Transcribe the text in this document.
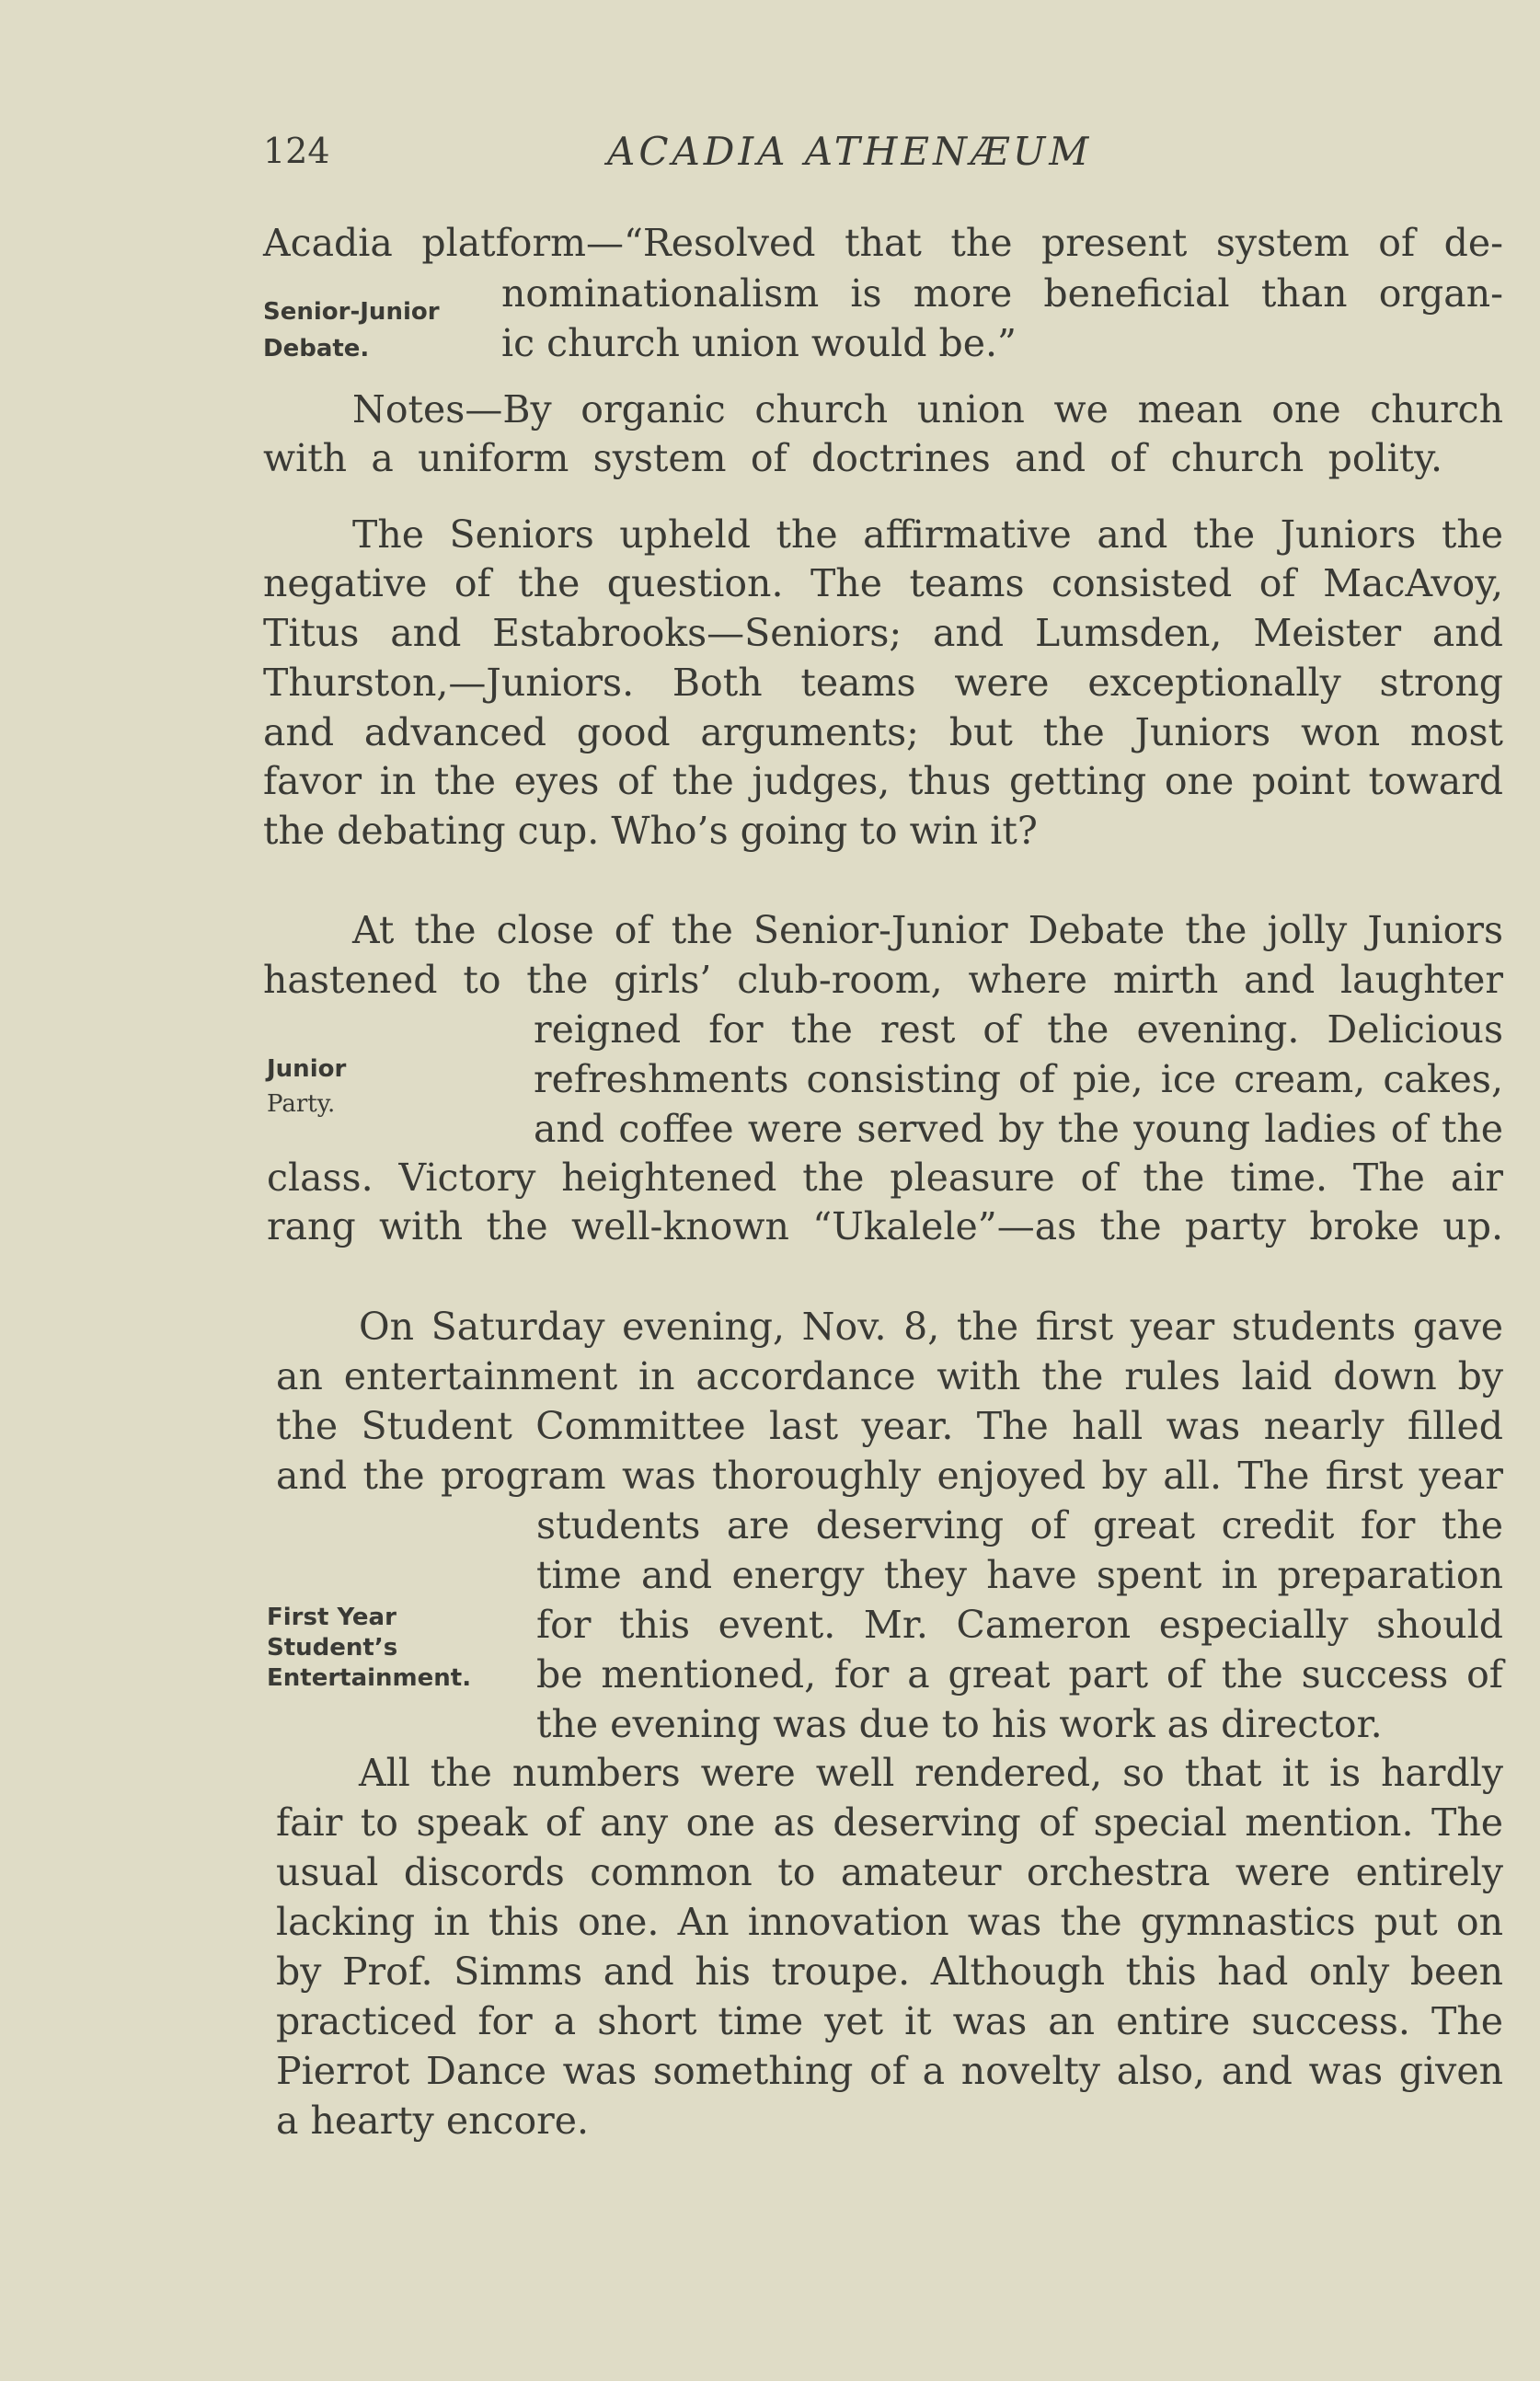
124	ACADIA ATHENÆUM
Senior-Junior
Debate.
Junior
Party.
First Year
Student’s
Entertainment.
Acadia platform—“Resolved that the present system of de-
nominationalism is more beneficial than organ-
ic church union would be.”
Notes—By organic church union we mean one church
with a uniform system of doctrines and of church polity.
The Seniors upheld the affirmative and the Juniors the
negative of the question. The teams consisted of MacAvoy,
Titus and Estabrooks—Seniors; and Lumsden, Meister and
Thurston,—Juniors. Both teams were exceptionally strong
and advanced good arguments; but the Juniors won most
favor in the eyes of the judges, thus getting one point toward
the debating cup. Who’s going to win it?
At the close of the Senior-Junior Debate the jolly Juniors
hastened to the girls’ club-room, where mirth and laughter
reigned for the rest of the evening. Delicious
refreshments consisting of pie, ice cream, cakes,
and coffee were served by the young ladies of the
class. Victory heightened the pleasure of the time. The air
rang with the well-known “Ukalele”—as the party broke up.
On Saturday evening, Nov. 8, the first year students gave
an entertainment in accordance with the rules laid down by
the Student Committee last year. The hall was nearly filled
and the program was thoroughly enjoyed by all. The first year
students are deserving of great credit for the
time and energy they have spent in preparation
for this event. Mr. Cameron especially should
be mentioned, for a great part of the success of
the evening was due to his work as director.
All the numbers were well rendered, so that it is hardly
fair to speak of any one as deserving of special mention. The
usual discords common to amateur orchestra were entirely
lacking in this one. An innovation was the gymnastics put on
by Prof. Simms and his troupe. Although this had only been
practiced for a short time yet it was an entire success. The
Pierrot Dance was something of a novelty also, and was given
a hearty encore.
